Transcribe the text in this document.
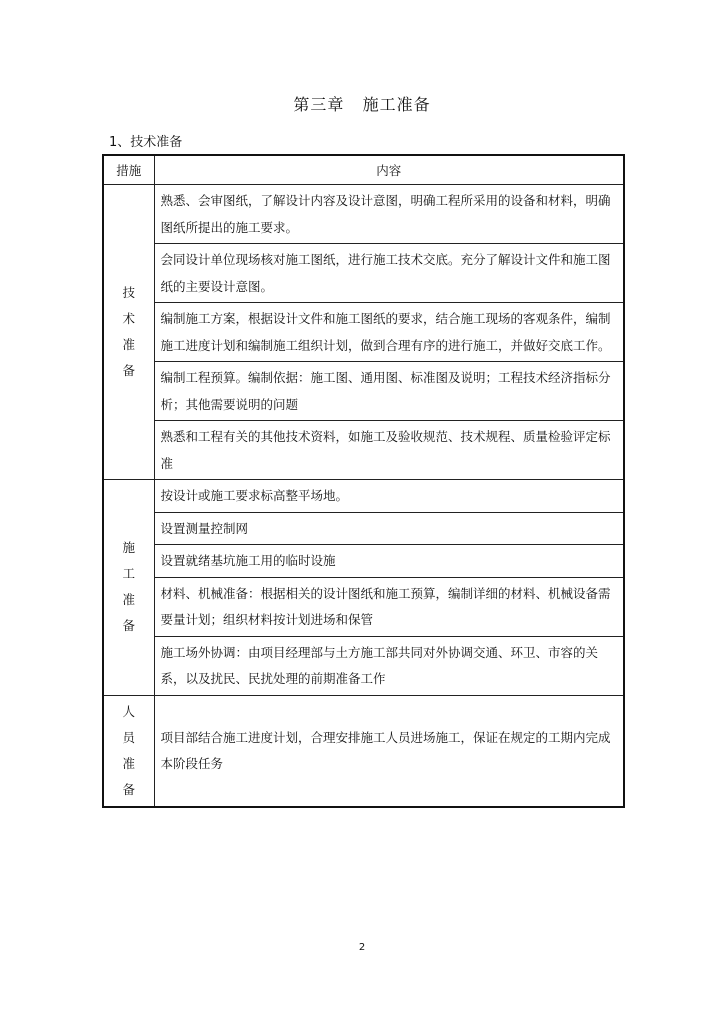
第三章   施工准备
1、技术准备
措施	内容

技
术
准
备	熟悉、会审图纸，了解设计内容及设计意图，明确工程所采用的设备和材料，明确图纸所提出的施工要求。
	会同设计单位现场核对施工图纸，进行施工技术交底。充分了解设计文件和施工图纸的主要设计意图。
	编制施工方案，根据设计文件和施工图纸的要求，结合施工现场的客观条件，编制施工进度计划和编制施工组织计划，做到合理有序的进行施工，并做好交底工作。
	编制工程预算。编制依据：施工图、通用图、标准图及说明；工程技术经济指标分析；其他需要说明的问题
	熟悉和工程有关的其他技术资料，如施工及验收规范、技术规程、质量检验评定标准

施
工
准
备	按设计或施工要求标高整平场地。
	设置测量控制网
	设置就绪基坑施工用的临时设施
	材料、机械准备：根据相关的设计图纸和施工预算，编制详细的材料、机械设备需要量计划；组织材料按计划进场和保管
	施工场外协调：由项目经理部与土方施工部共同对外协调交通、环卫、市容的关系，以及扰民、民扰处理的前期准备工作

人
员
准
备	项目部结合施工进度计划，合理安排施工人员进场施工，保证在规定的工期内完成本阶段任务
2
